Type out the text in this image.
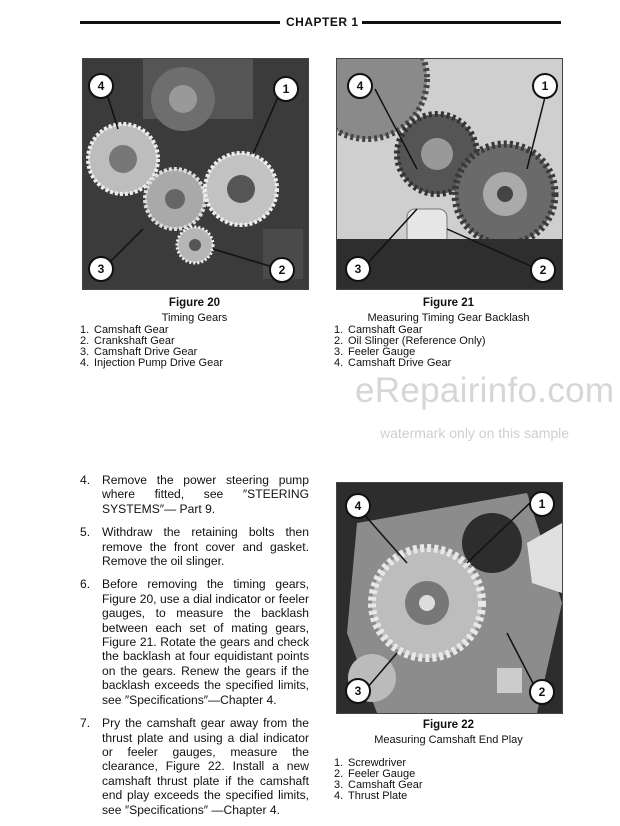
CHAPTER 1
4	1
3	2
4	1
3	2
Figure 20
Timing Gears
1. Camshaft Gear
2. Crankshaft Gear
3. Camshaft Drive Gear
4. Injection Pump Drive Gear
Figure 21
Measuring Timing Gear Backlash
1. Camshaft Gear
2. Oil Slinger (Reference Only)
3. Feeler Gauge
4. Camshaft Drive Gear
eRepairinfo.com
watermark only on this sample
4. Remove the power steering pump where fitted, see ″STEERING SYSTEMS″— Part 9.
5. Withdraw the retaining bolts then remove the front cover and gasket. Remove the oil slinger.
6. Before removing the timing gears, Figure 20, use a dial indicator or feeler gauges, to measure the backlash between each set of mating gears, Figure 21. Rotate the gears and check the backlash at four equidistant points on the gears. Renew the gears if the backlash exceeds the specified limits, see ″Specifications″—Chapter 4.
7. Pry the camshaft gear away from the thrust plate and using a dial indicator or feeler gauges, measure the clearance, Figure 22. Install a new camshaft thrust plate if the camshaft end play exceeds the specified limits, see ″Specifications″ —Chapter 4.
4	1
3	2
Figure 22
Measuring Camshaft End Play
1. Screwdriver
2. Feeler Gauge
3. Camshaft Gear
4. Thrust Plate
